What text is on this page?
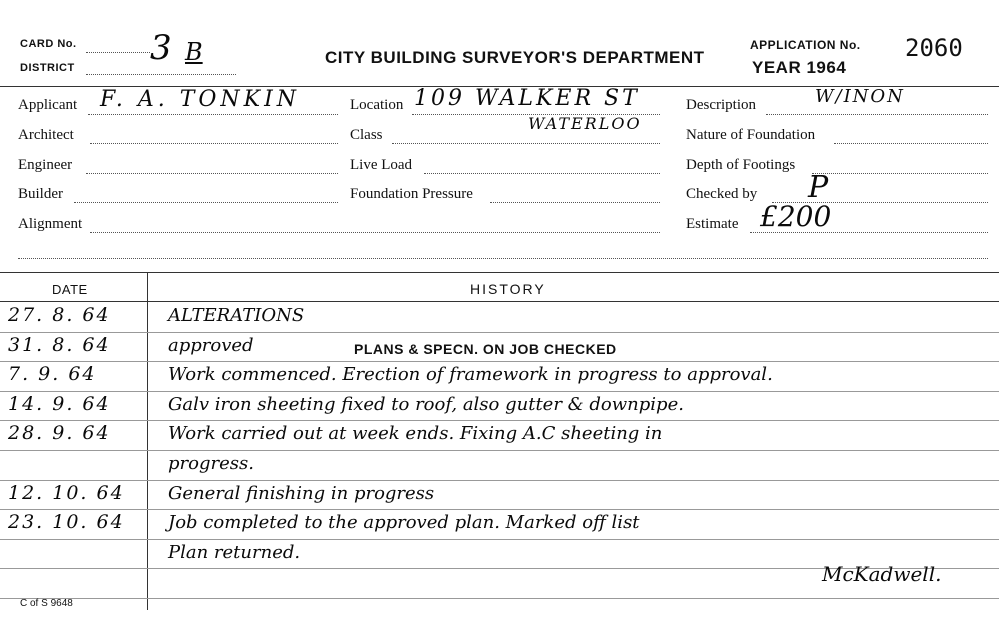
CARD No. 3 B
DISTRICT
CITY BUILDING SURVEYOR'S DEPARTMENT
APPLICATION No. 2060
YEAR 1964
Applicant F. A. TONKIN
Architect
Engineer
Builder
Alignment
Location 109 WALKER ST
WATERLOO
Class
Live Load
Foundation Pressure
Description	W/INON
Nature of Foundation
Depth of Footings
Checked by P
Estimate £200
DATE	HISTORY
27. 8. 64	ALTERATIONS
31. 8. 64	approved	PLANS & SPECN. ON JOB CHECKED
7. 9. 64	Work commenced. Erection of framework in progress to approval.
14. 9. 64	Galv iron sheeting fixed to roof, also gutter & downpipe.
28. 9. 64	Work carried out at week ends. Fixing A.C sheeting in
progress.
12. 10. 64 General finishing in progress
23. 10. 64 Job completed to the approved plan. Marked off list
Plan returned.
McKadwell.
C of S 9648
